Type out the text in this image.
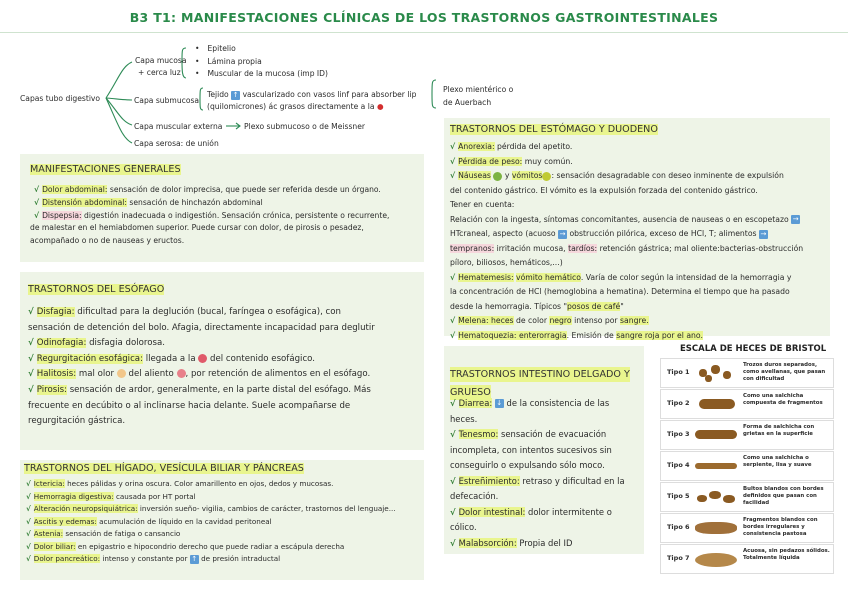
B3 T1: MANIFESTACIONES CLÍNICAS DE LOS TRASTORNOS GASTROINTESTINALES
Capas tubo digestivo
Capa mucosa
+ cerca luz
• Epitelio
• Lámina propia
• Muscular de la mucosa (imp ID)
Capa submucosa
Tejido ↑ vascularizado con vasos linf para absorber lip
(quilomicrones) ác grasos directamente a la ●
Plexo mientérico o
de Auerbach
Capa muscular externa	Plexo submucoso o de Meissner
Capa serosa: de unión
MANIFESTACIONES GENERALES
√ Dolor abdominal: sensación de dolor imprecisa, que puede ser referida desde un órgano.
√ Distensión abdominal: sensación de hinchazón abdominal
√ Dispepsia: digestión inadecuada o indigestión. Sensación crónica, persistente o recurrente,
de malestar en el hemiabdomen superior. Puede cursar con dolor, de pirosis o pesadez,
acompañado o no de nauseas y eructos.
TRASTORNOS DEL ESÓFAGO
√ Disfagia: dificultad para la deglución (bucal, faríngea o esofágica), con
sensación de detención del bolo. Afagia, directamente incapacidad para deglutir
√ Odinofagia: disfagia dolorosa.
√ Regurgitación esofágica: llegada a la  del contenido esofágico.
√ Halitosis: mal olor  del aliento , por retención de alimentos en el esófago.
√ Pirosis: sensación de ardor, generalmente, en la parte distal del esófago. Más
frecuente en decúbito o al inclinarse hacia delante. Suele acompañarse de
regurgitación gástrica.
TRASTORNOS DEL HÍGADO, VESÍCULA BILIAR Y PÁNCREAS
√ Ictericia: heces pálidas y orina oscura. Color amarillento en ojos, dedos y mucosas.
√ Hemorragia digestiva: causada por HT portal
√ Alteración neuropsiquiátrica: inversión sueño- vigilia, cambios de carácter, trastornos del lenguaje...
√ Ascitis y edemas: acumulación de líquido en la cavidad peritoneal
√ Astenia: sensación de fatiga o cansancio
√ Dolor biliar: en epigastrio e hipocondrio derecho que puede radiar a escápula derecha
√ Dolor pancreático: intenso y constante por ↑ de presión intraductal
TRASTORNOS DEL ESTÓMAGO Y DUODENO
√ Anorexia: pérdida del apetito.
√ Pérdida de peso: muy común.
√ Náuseas  y vómitos : sensación desagradable con deseo inminente de expulsión
del contenido gástrico. El vómito es la expulsión forzada del contenido gástrico.
Tener en cuenta:
Relación con la ingesta, síntomas concomitantes, ausencia de nauseas o en escopetazo →
HTcraneal, aspecto (acuoso → obstrucción pilórica, exceso de HCl, T; alimentos →
tempranos: irritación mucosa, tardíos: retención gástrica; mal oliente:bacterias-obstrucción
píloro, biliosos, hemáticos,...)
√ Hematemesis: vómito hemático. Varía de color según la intensidad de la hemorragia y
la concentración de HCl (hemoglobina a hematina). Determina el tiempo que ha pasado
desde la hemorragia. Típicos "posos de café"
√ Melena: heces de color negro intenso por sangre.
√ Hematoquezia: enterorragia. Emisión de sangre roja por el ano.
TRASTORNOS INTESTINO DELGADO Y
GRUESO
√ Diarrea: ↓ de la consistencia de las
heces.
√ Tenesmo: sensación de evacuación
incompleta, con intentos sucesivos sin
conseguirlo o expulsando sólo moco.
√ Estreñimiento: retraso y dificultad en la
defecación.
√ Dolor intestinal: dolor intermitente o
cólico.
√ Malabsorción: Propia del ID
ESCALA DE HECES DE BRISTOL
Tipo 1
Trozos duros separados, como avellanas, que pasan con dificultad
Tipo 2
Como una salchicha compuesta de fragmentos
Tipo 3
Forma de salchicha con grietas en la superficie
Tipo 4
Como una salchicha o serpiente, lisa y suave
Tipo 5
Bultos blandos con bordes definidos que pasan con facilidad
Tipo 6
Fragmentos blandos con bordes irregulares y consistencia pastosa
Tipo 7
Acuosa, sin pedazos sólidos. Totalmente líquida
